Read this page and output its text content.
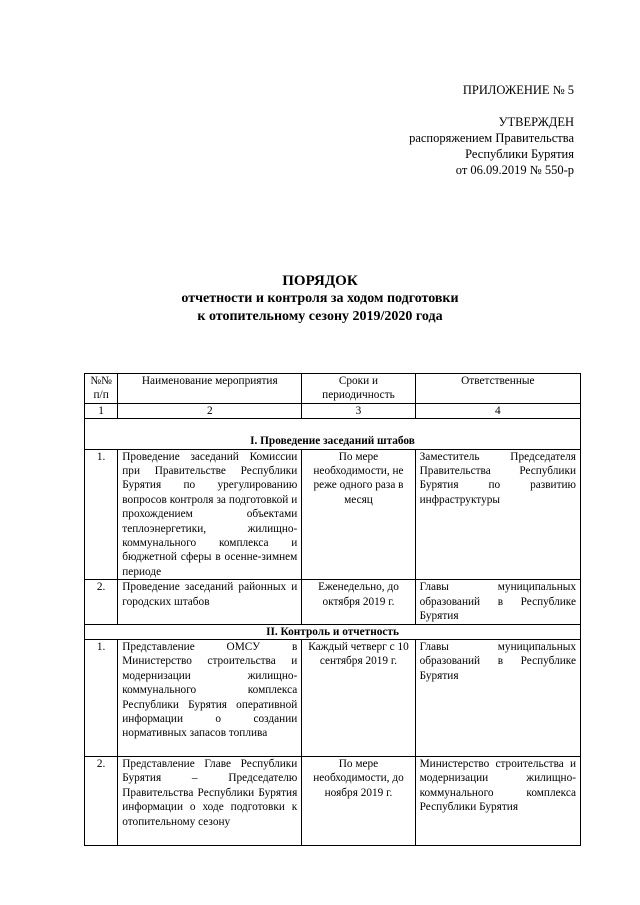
ПРИЛОЖЕНИЕ № 5
УТВЕРЖДЕН
распоряжением Правительства
Республики Бурятия
от 06.09.2019 № 550-р
ПОРЯДОК
отчетности и контроля за ходом подготовки
к отопительному сезону 2019/2020 года
№№ п/п	Наименование мероприятия	Сроки и периодичность	Ответственные
1	2	3	4
I. Проведение заседаний штабов			
1.	Проведение заседаний Комиссии при Правительстве Республики Бурятия по урегулированию вопросов контроля за подготовкой и прохождением объектами теплоэнергетики, жилищно-коммунального комплекса и бюджетной сферы в осенне-зимнем периоде	По мере необходимости, не реже одного раза в месяц	Заместитель Председателя Правительства Республики Бурятия по развитию инфраструктуры
2.	Проведение заседаний районных и городских штабов	Еженедельно, до октября 2019 г.	Главы муниципальных образований в Республике Бурятия
II. Контроль и отчетность			
1.	Представление ОМСУ в Министерство строительства и модернизации жилищно-коммунального комплекса Республики Бурятия оперативной информации о создании нормативных запасов топлива	Каждый четверг с 10 сентября 2019 г.	Главы муниципальных образований в Республике Бурятия
2.	Представление Главе Республики Бурятия – Председателю Правительства Республики Бурятия информации о ходе подготовки к отопительному сезону	По мере необходимости, до ноября 2019 г.	Министерство строительства и модернизации жилищно-коммунального комплекса Республики Бурятия
